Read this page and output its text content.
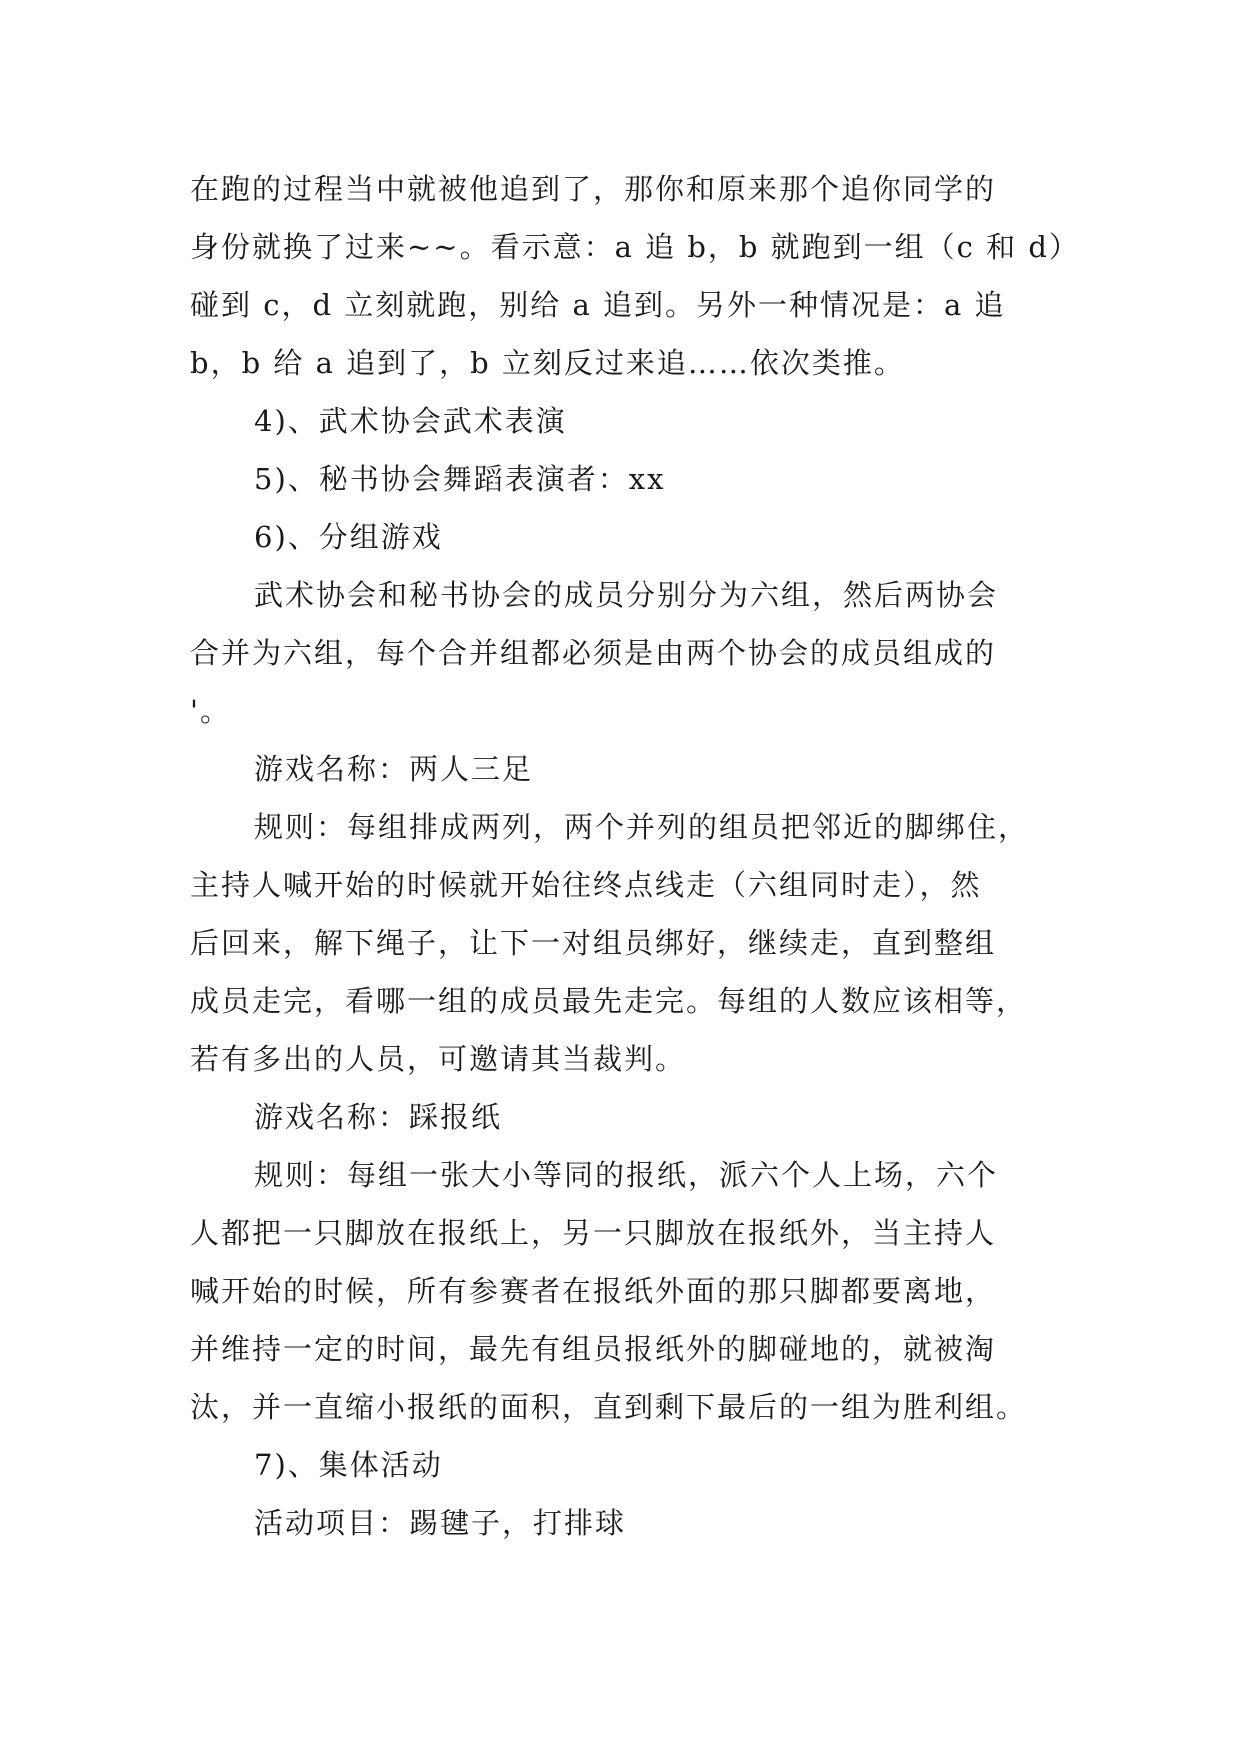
在跑的过程当中就被他追到了，那你和原来那个追你同学的
身份就换了过来~~。看示意：a 追 b，b 就跑到一组（c 和 d）
碰到 c，d 立刻就跑，别给 a 追到。另外一种情况是：a 追
b，b 给 a 追到了，b 立刻反过来追……依次类推。
4)、武术协会武术表演
5)、秘书协会舞蹈表演者：xx
6)、分组游戏
武术协会和秘书协会的成员分别分为六组，然后两协会
合并为六组，每个合并组都必须是由两个协会的成员组成的
'。
游戏名称：两人三足
规则：每组排成两列，两个并列的组员把邻近的脚绑住，
主持人喊开始的时候就开始往终点线走（六组同时走），然
后回来，解下绳子，让下一对组员绑好，继续走，直到整组
成员走完，看哪一组的成员最先走完。每组的人数应该相等，
若有多出的人员，可邀请其当裁判。
游戏名称：踩报纸
规则：每组一张大小等同的报纸，派六个人上场，六个
人都把一只脚放在报纸上，另一只脚放在报纸外，当主持人
喊开始的时候，所有参赛者在报纸外面的那只脚都要离地，
并维持一定的时间，最先有组员报纸外的脚碰地的，就被淘
汰，并一直缩小报纸的面积，直到剩下最后的一组为胜利组。
7)、集体活动
活动项目：踢毽子，打排球
